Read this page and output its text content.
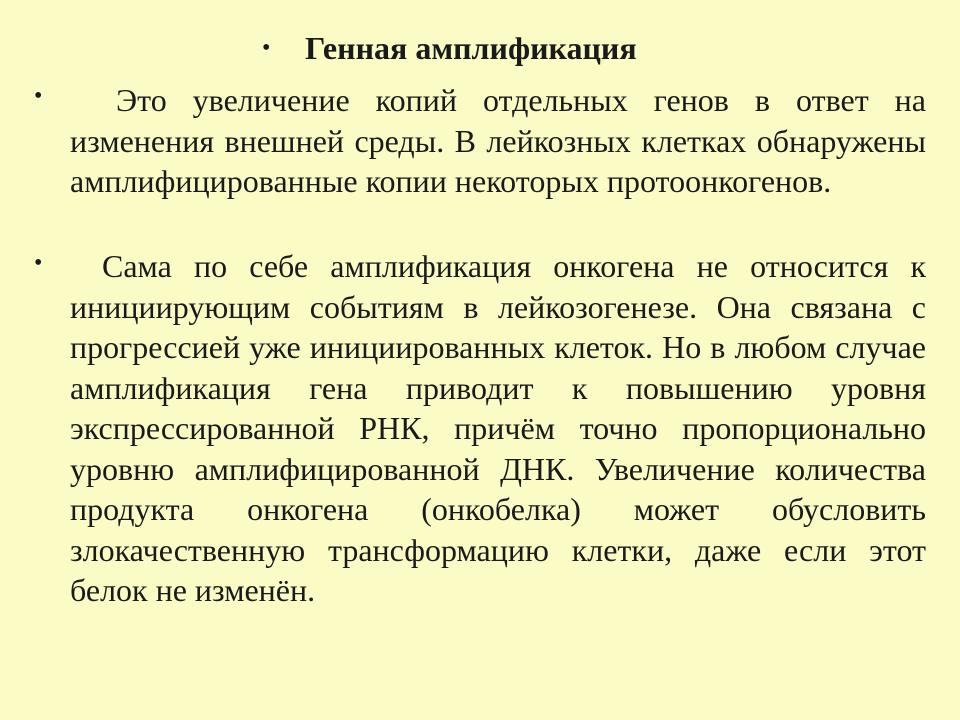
• Генная амплификация
•	Это увеличение копий отдельных генов в ответ на изменения внешней среды. В лейкозных клетках обнаружены амплифицированные копии некоторых протоонкогенов.

•	Сама по себе амплификация онкогена не относится к инициирующим событиям в лейкозогенезе. Она связана с прогрессией уже инициированных клеток. Но в любом случае амплификация гена приводит к повышению уровня экспрессированной РНК, причём точно пропорционально уровню амплифицированной ДНК. Увеличение количества продукта онкогена (онкобелка) может обусловить злокачественную трансформацию клетки, даже если этот белок не изменён.
